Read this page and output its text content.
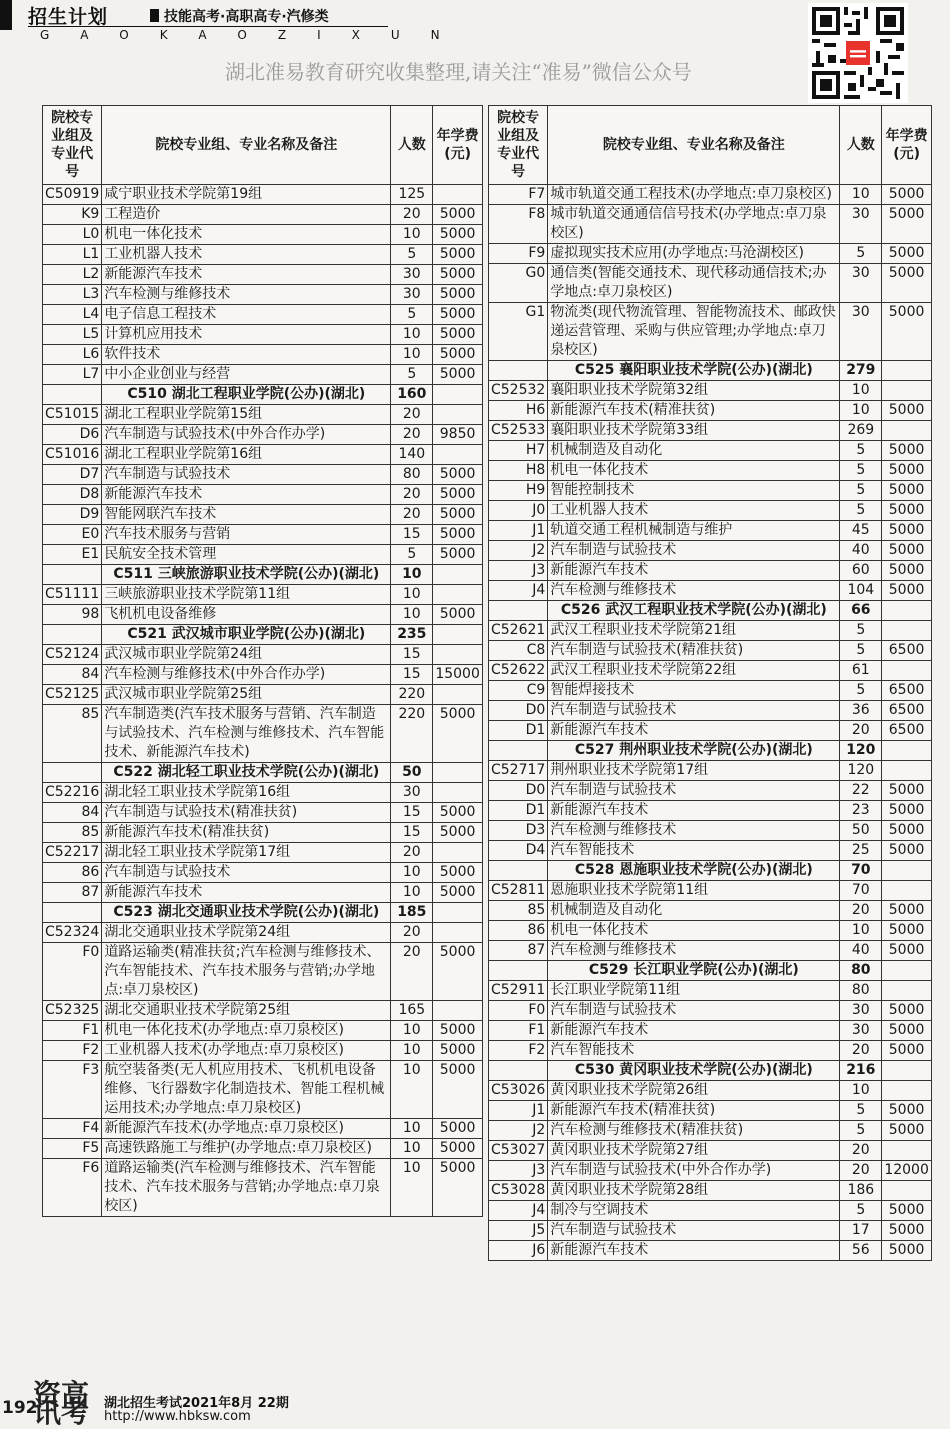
招生计划	技能高考·高职高专·汽修类
GAOKAOZIXUN
湖北准易教育研究收集整理,请关注“准易”微信公众号
院校专业组及专业代号	院校专业组、专业名称及备注	人数	年学费(元)
C50919	咸宁职业技术学院第19组	125	
K9	工程造价	20	5000
L0	机电一体化技术	10	5000
L1	工业机器人技术	5	5000
L2	新能源汽车技术	30	5000
L3	汽车检测与维修技术	30	5000
L4	电子信息工程技术	5	5000
L5	计算机应用技术	10	5000
L6	软件技术	10	5000
L7	中小企业创业与经营	5	5000
	C510 湖北工程职业学院(公办)(湖北)	160	
C51015	湖北工程职业学院第15组	20	
D6	汽车制造与试验技术(中外合作办学)	20	9850
C51016	湖北工程职业学院第16组	140	
D7	汽车制造与试验技术	80	5000
D8	新能源汽车技术	20	5000
D9	智能网联汽车技术	20	5000
E0	汽车技术服务与营销	15	5000
E1	民航安全技术管理	5	5000
	C511 三峡旅游职业技术学院(公办)(湖北)	10	
C51111	三峡旅游职业技术学院第11组	10	
98	飞机机电设备维修	10	5000
	C521 武汉城市职业学院(公办)(湖北)	235	
C52124	武汉城市职业学院第24组	15	
84	汽车检测与维修技术(中外合作办学)	15	15000
C52125	武汉城市职业学院第25组	220	
85	汽车制造类(汽车技术服务与营销、汽车制造与试验技术、汽车检测与维修技术、汽车智能技术、新能源汽车技术)	220	5000
	C522 湖北轻工职业技术学院(公办)(湖北)	50	
C52216	湖北轻工职业技术学院第16组	30	
84	汽车制造与试验技术(精准扶贫)	15	5000
85	新能源汽车技术(精准扶贫)	15	5000
C52217	湖北轻工职业技术学院第17组	20	
86	汽车制造与试验技术	10	5000
87	新能源汽车技术	10	5000
	C523 湖北交通职业技术学院(公办)(湖北)	185	
C52324	湖北交通职业技术学院第24组	20	
F0	道路运输类(精准扶贫;汽车检测与维修技术、汽车智能技术、汽车技术服务与营销;办学地点:卓刀泉校区)	20	5000
C52325	湖北交通职业技术学院第25组	165	
F1	机电一体化技术(办学地点:卓刀泉校区)	10	5000
F2	工业机器人技术(办学地点:卓刀泉校区)	10	5000
F3	航空装备类(无人机应用技术、飞机机电设备维修、飞行器数字化制造技术、智能工程机械运用技术;办学地点:卓刀泉校区)	10	5000
F4	新能源汽车技术(办学地点:卓刀泉校区)	10	5000
F5	高速铁路施工与维护(办学地点:卓刀泉校区)	10	5000
F6	道路运输类(汽车检测与维修技术、汽车智能技术、汽车技术服务与营销;办学地点:卓刀泉校区)	10	5000
院校专业组及专业代号	院校专业组、专业名称及备注	人数	年学费(元)
F7	城市轨道交通工程技术(办学地点:卓刀泉校区)	10	5000
F8	城市轨道交通通信信号技术(办学地点:卓刀泉校区)	30	5000
F9	虚拟现实技术应用(办学地点:马沧湖校区)	5	5000
G0	通信类(智能交通技术、现代移动通信技术;办学地点:卓刀泉校区)	30	5000
G1	物流类(现代物流管理、智能物流技术、邮政快递运营管理、采购与供应管理;办学地点:卓刀泉校区)	30	5000
	C525 襄阳职业技术学院(公办)(湖北)	279	
C52532	襄阳职业技术学院第32组	10	
H6	新能源汽车技术(精准扶贫)	10	5000
C52533	襄阳职业技术学院第33组	269	
H7	机械制造及自动化	5	5000
H8	机电一体化技术	5	5000
H9	智能控制技术	5	5000
J0	工业机器人技术	5	5000
J1	轨道交通工程机械制造与维护	45	5000
J2	汽车制造与试验技术	40	5000
J3	新能源汽车技术	60	5000
J4	汽车检测与维修技术	104	5000
	C526 武汉工程职业技术学院(公办)(湖北)	66	
C52621	武汉工程职业技术学院第21组	5	
C8	汽车制造与试验技术(精准扶贫)	5	6500
C52622	武汉工程职业技术学院第22组	61	
C9	智能焊接技术	5	6500
D0	汽车制造与试验技术	36	6500
D1	新能源汽车技术	20	6500
	C527 荆州职业技术学院(公办)(湖北)	120	
C52717	荆州职业技术学院第17组	120	
D0	汽车制造与试验技术	22	5000
D1	新能源汽车技术	23	5000
D3	汽车检测与维修技术	50	5000
D4	汽车智能技术	25	5000
	C528 恩施职业技术学院(公办)(湖北)	70	
C52811	恩施职业技术学院第11组	70	
85	机械制造及自动化	20	5000
86	机电一体化技术	10	5000
87	汽车检测与维修技术	40	5000
	C529 长江职业学院(公办)(湖北)	80	
C52911	长江职业学院第11组	80	
F0	汽车制造与试验技术	30	5000
F1	新能源汽车技术	30	5000
F2	汽车智能技术	20	5000
	C530 黄冈职业技术学院(公办)(湖北)	216	
C53026	黄冈职业技术学院第26组	10	
J1	新能源汽车技术(精准扶贫)	5	5000
J2	汽车检测与维修技术(精准扶贫)	5	5000
C53027	黄冈职业技术学院第27组	20	
J3	汽车制造与试验技术(中外合作办学)	20	12000
C53028	黄冈职业技术学院第28组	186	
J4	制冷与空调技术	5	5000
J5	汽车制造与试验技术	17	5000
J6	新能源汽车技术	56	5000
192
资高讯考 湖北招生考试2021年8月 22期
http://www.hbksw.com
